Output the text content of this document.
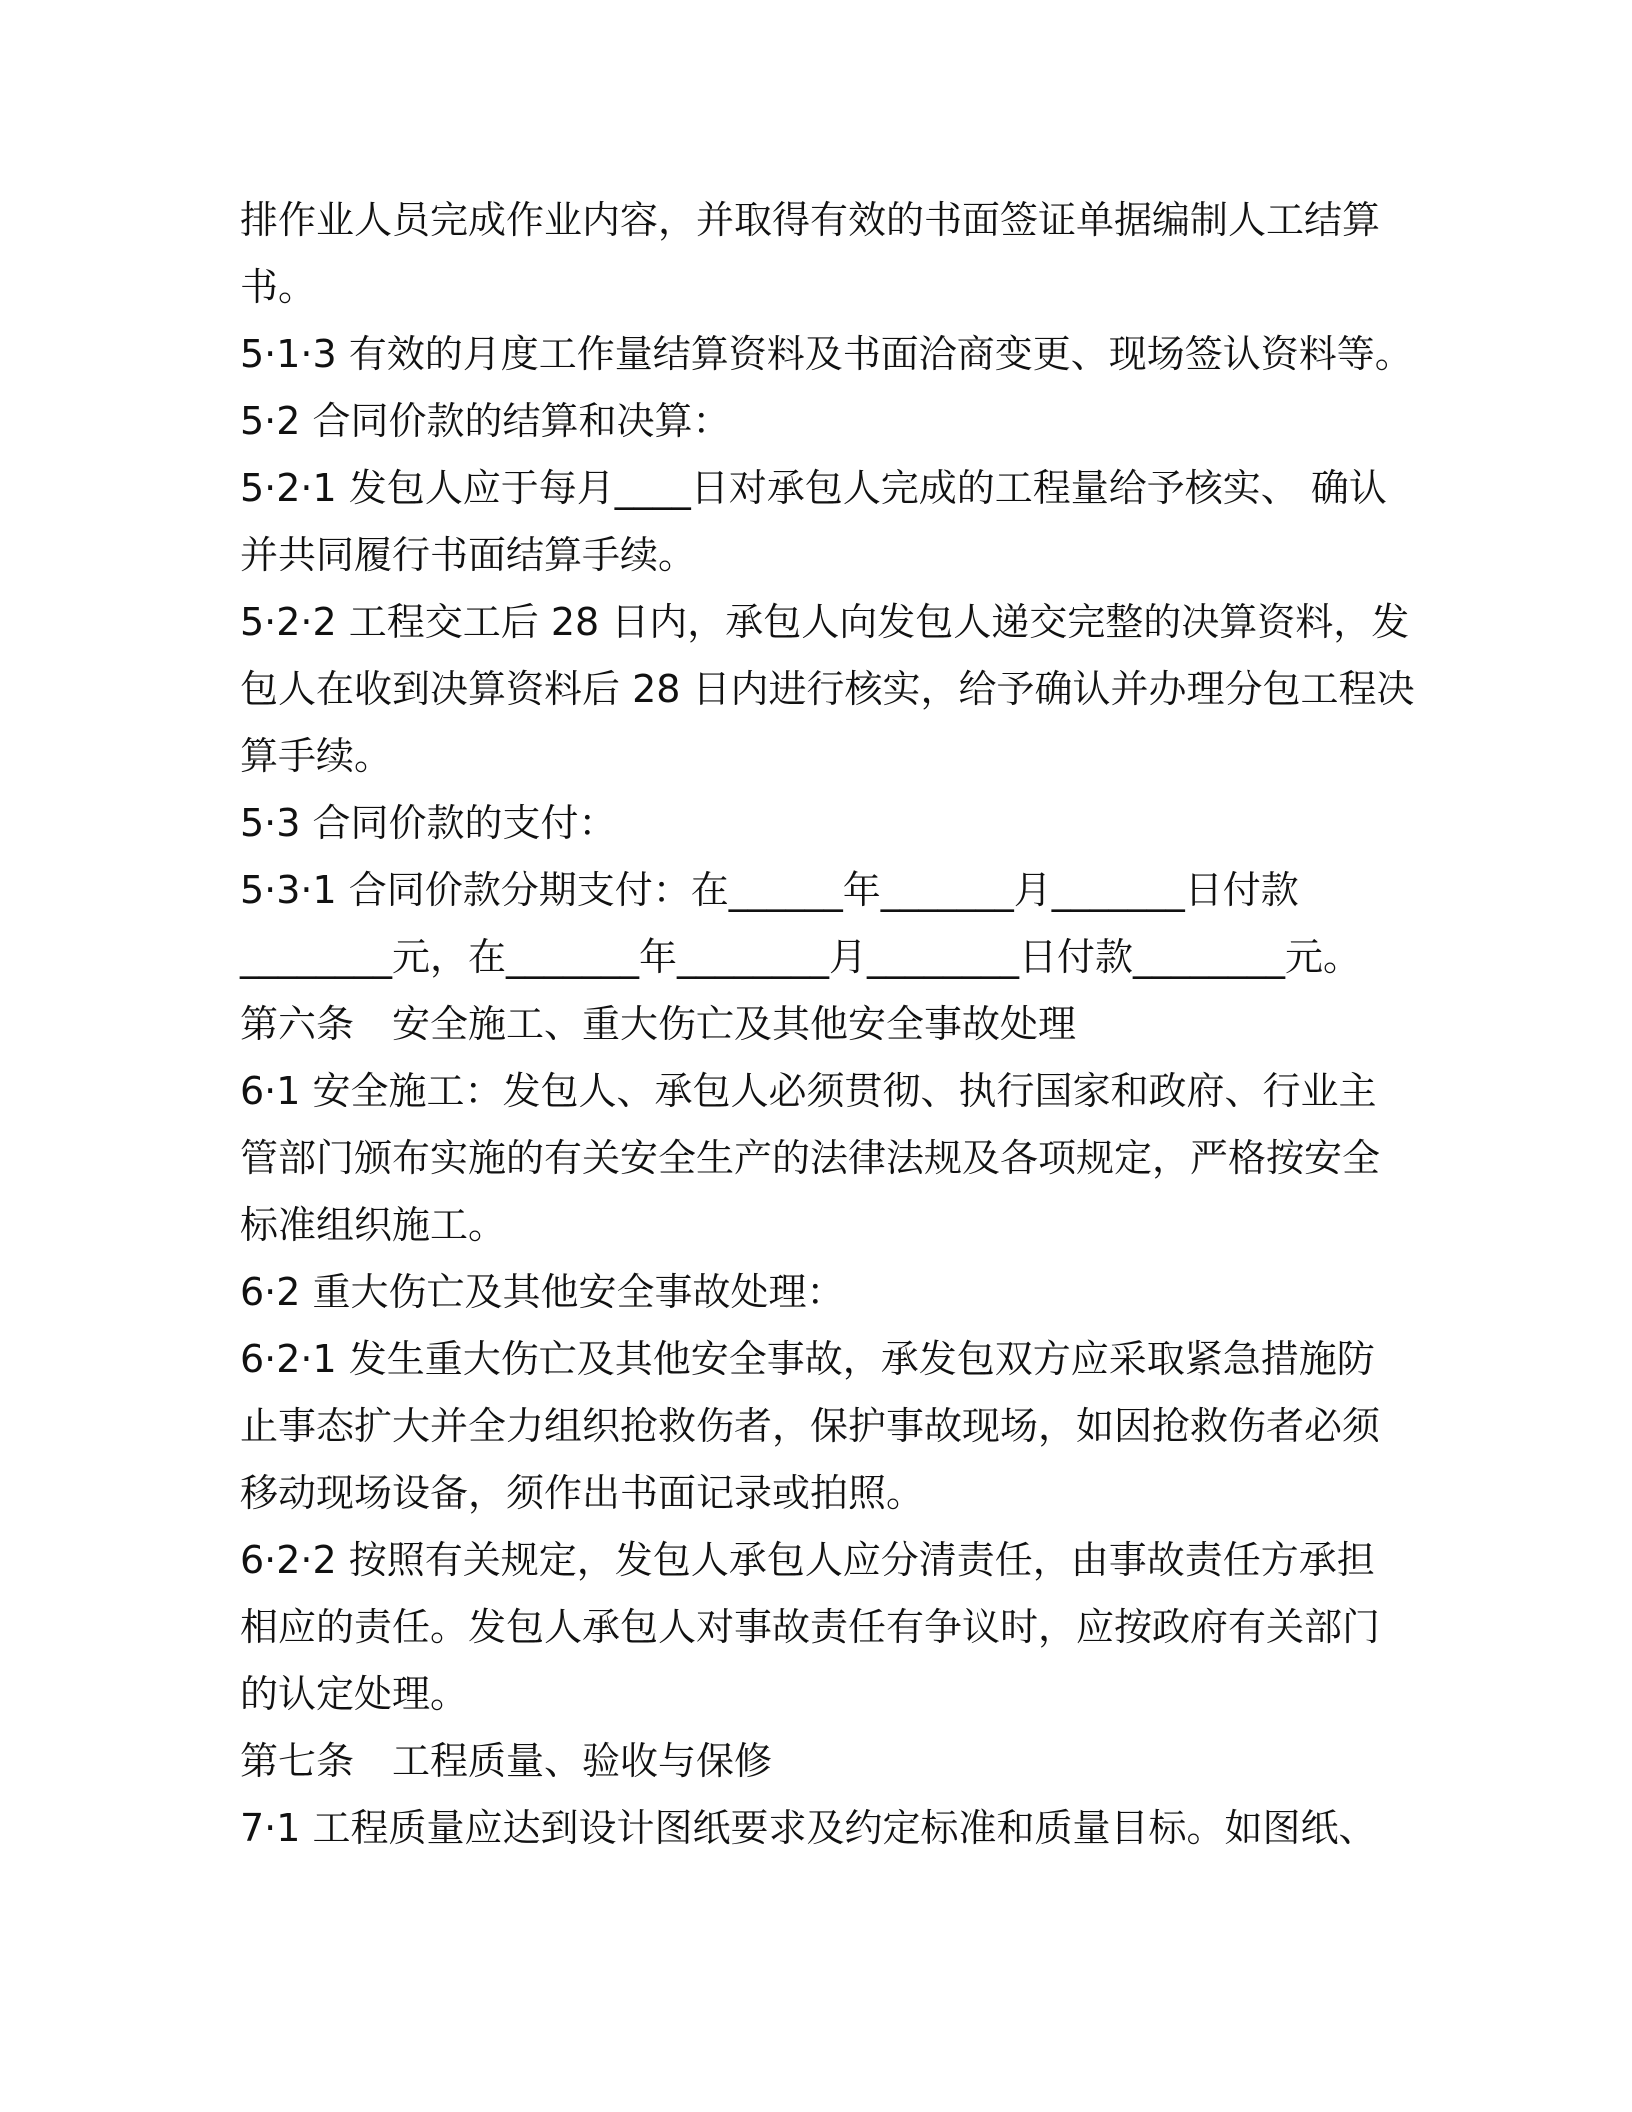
排作业人员完成作业内容，并取得有效的书面签证单据编制人工结算
书。
5·1·3 有效的月度工作量结算资料及书面洽商变更、现场签认资料等。
5·2 合同价款的结算和决算：
5·2·1 发包人应于每月____日对承包人完成的工程量给予核实、 确认
并共同履行书面结算手续。
5·2·2 工程交工后 28 日内，承包人向发包人递交完整的决算资料，发
包人在收到决算资料后 28 日内进行核实，给予确认并办理分包工程决
算手续。
5·3 合同价款的支付：
5·3·1 合同价款分期支付：在______年_______月_______日付款
________元，在_______年________月________日付款________元。
第六条　安全施工、重大伤亡及其他安全事故处理
6·1 安全施工：发包人、承包人必须贯彻、执行国家和政府、行业主
管部门颁布实施的有关安全生产的法律法规及各项规定，严格按安全
标准组织施工。
6·2 重大伤亡及其他安全事故处理：
6·2·1 发生重大伤亡及其他安全事故，承发包双方应采取紧急措施防
止事态扩大并全力组织抢救伤者，保护事故现场，如因抢救伤者必须
移动现场设备，须作出书面记录或拍照。
6·2·2 按照有关规定，发包人承包人应分清责任，由事故责任方承担
相应的责任。发包人承包人对事故责任有争议时，应按政府有关部门
的认定处理。
第七条　工程质量、验收与保修
7·1 工程质量应达到设计图纸要求及约定标准和质量目标。如图纸、
